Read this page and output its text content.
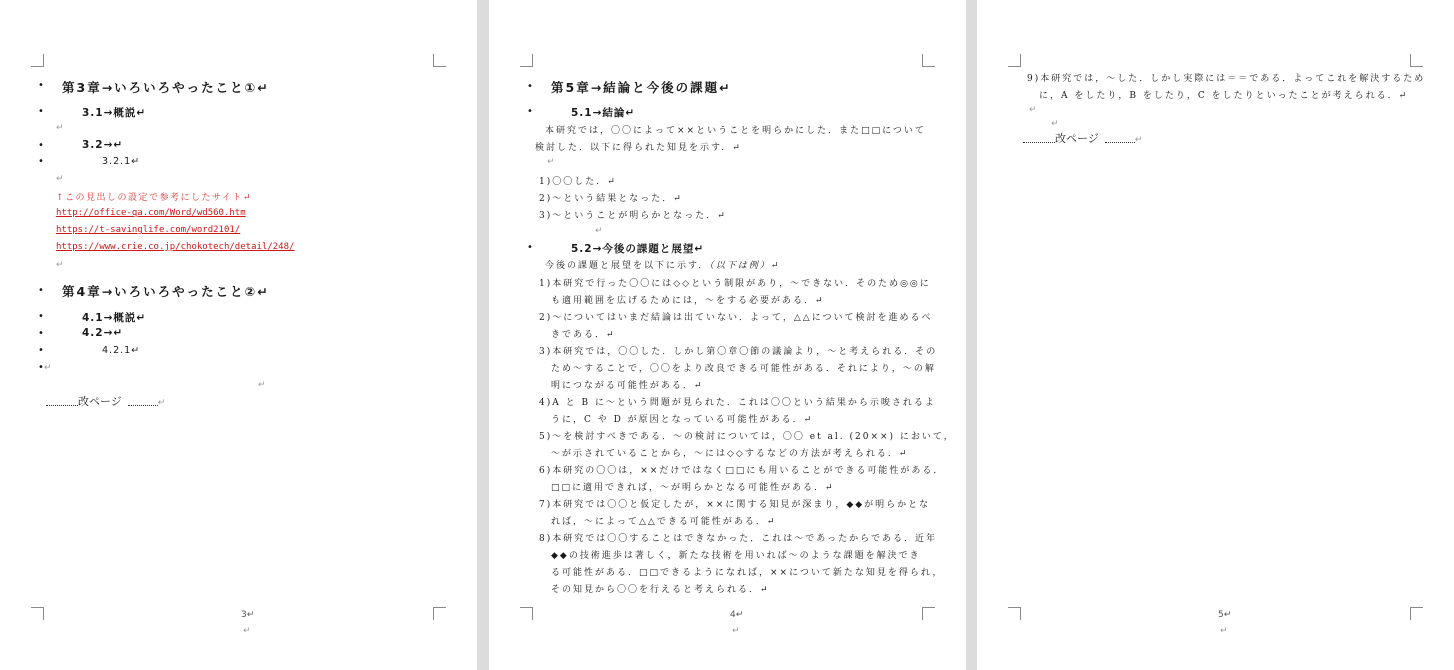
• 第3章→いろいろやったこと①↵
•	3.1→概説↵
↵
•	3.2→↵
•	3.2.1↵
↵
↑この見出しの設定で参考にしたサイト↵
http://office-qa.com/Word/wd560.htm
https://t-savinglife.com/word2101/
https://www.crie.co.jp/chokotech/detail/248/
↵
• 第4章→いろいろやったこと②↵
•	4.1→概説↵
•	4.2→↵
•	4.2.1↵
• ↵
↵
改ページ	↵
3↵
↵
• 第5章→結論と今後の課題↵
•	5.1→結論↵
本研究では，〇〇によって××ということを明らかにした．また□□について
検討した．以下に得られた知見を示す．↵
↵
1)〇〇した．↵
2)〜という結果となった．↵
3)〜ということが明らかとなった．↵
↵
•	5.2→今後の課題と展望↵
今後の課題と展望を以下に示す．（以下は例）↵
1)本研究で行った〇〇には◇◇という制限があり，〜できない．そのため◎◎に
も適用範囲を広げるためには，〜をする必要がある．↵
2)〜についてはいまだ結論は出ていない．よって，△△について検討を進めるべ
きである．↵
3)本研究では，〇〇した．しかし第〇章〇節の議論より，〜と考えられる．その
ため〜することで，〇〇をより改良できる可能性がある．それにより，〜の解
明につながる可能性がある．↵
4)A と B に〜という問題が見られた．これは〇〇という結果から示唆されるよ
うに，C や D が原因となっている可能性がある．↵
5)〜を検討すべきである．〜の検討については，〇〇 et al. (20××) において，
〜が示されていることから，〜には◇◇するなどの方法が考えられる．↵
6)本研究の〇〇は，××だけではなく□□にも用いることができる可能性がある．
□□に適用できれば，〜が明らかとなる可能性がある．↵
7)本研究では〇〇と仮定したが，××に関する知見が深まり，◆◆が明らかとな
れば，〜によって△△できる可能性がある．↵
8)本研究では〇〇することはできなかった．これは〜であったからである．近年
◆◆の技術進歩は著しく，新たな技術を用いれば〜のような課題を解決でき
る可能性がある．□□できるようになれば，××について新たな知見を得られ，
その知見から〇〇を行えると考えられる．↵
4↵
↵
9)本研究では，〜した．しかし実際には＝＝である．よってこれを解決するため
に，A をしたり，B をしたり，C をしたりといったことが考えられる．↵
↵
↵
改ページ	↵
5↵
↵
